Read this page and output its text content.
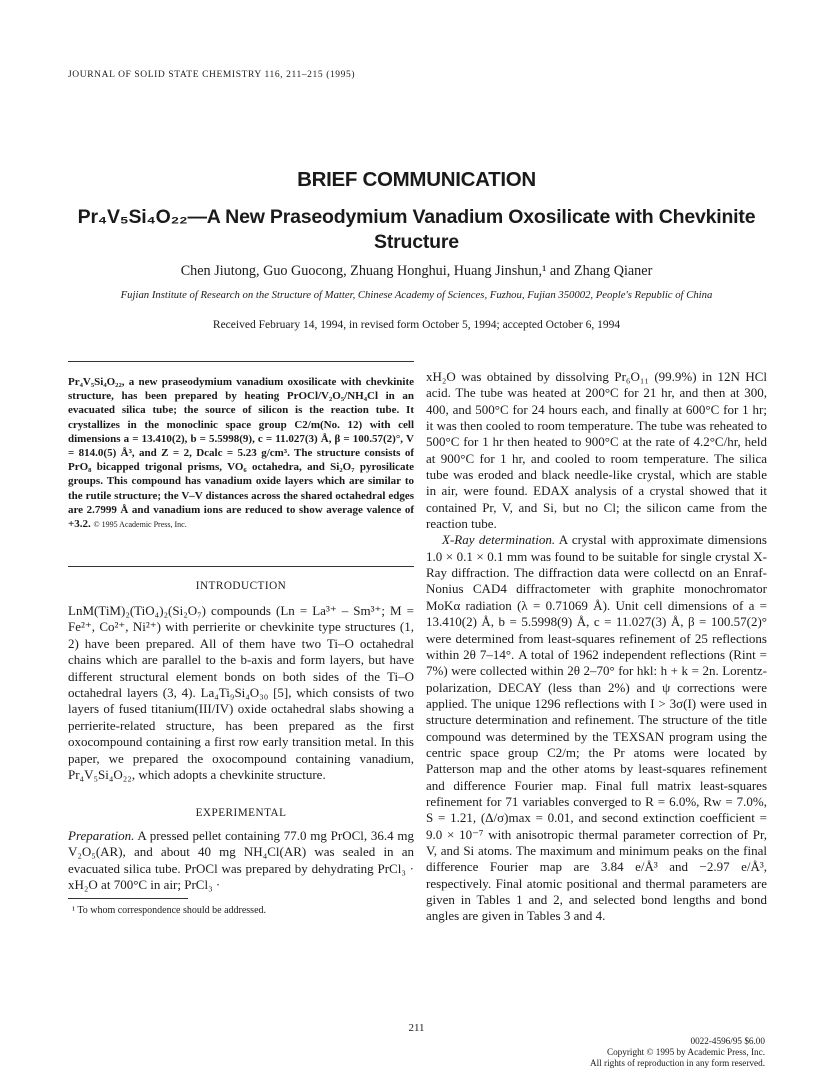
JOURNAL OF SOLID STATE CHEMISTRY 116, 211–215 (1995)
BRIEF COMMUNICATION
Pr₄V₅Si₄O₂₂—A New Praseodymium Vanadium Oxosilicate with Chevkinite Structure
Chen Jiutong, Guo Guocong, Zhuang Honghui, Huang Jinshun,¹ and Zhang Qianer
Fujian Institute of Research on the Structure of Matter, Chinese Academy of Sciences, Fuzhou, Fujian 350002, People's Republic of China
Received February 14, 1994, in revised form October 5, 1994; accepted October 6, 1994
Pr₄V₅Si₄O₂₂, a new praseodymium vanadium oxosilicate with chevkinite structure, has been prepared by heating PrOCl/V₂O₅/NH₄Cl in an evacuated silica tube; the source of silicon is the reaction tube. It crystallizes in the monoclinic space group C2/m(No. 12) with cell dimensions a = 13.410(2), b = 5.5998(9), c = 11.027(3) Å, β = 100.57(2)°, V = 814.0(5) Å³, and Z = 2, Dcalc = 5.23 g/cm³. The structure consists of PrO₈ bicapped trigonal prisms, VO₆ octahedra, and Si₂O₇ pyrosilicate groups. This compound has vanadium oxide layers which are similar to the rutile structure; the V–V distances across the shared octahedral edges are 2.7999 Å and vanadium ions are reduced to show average valence of +3.2. © 1995 Academic Press, Inc.
INTRODUCTION
LnM(TiM)₂(TiO₄)₂(Si₂O₇) compounds (Ln = La³⁺ – Sm³⁺; M = Fe²⁺, Co²⁺, Ni²⁺) with perrierite or chevkinite type structures (1, 2) have been prepared. All of them have two Ti–O octahedral chains which are parallel to the b-axis and form layers, but have different structural element bonds on both sides of the Ti–O octahedral layers (3, 4). La₄Ti₉Si₄O₃₀ [5], which consists of two layers of fused titanium(III/IV) oxide octahedral slabs showing a perrierite-related structure, has been prepared as the first oxocompound containing a first row early transition metal. In this paper, we prepared the oxocompound containing vanadium, Pr₄V₅Si₄O₂₂, which adopts a chevkinite structure.
EXPERIMENTAL
Preparation. A pressed pellet containing 77.0 mg PrOCl, 36.4 mg V₂O₅(AR), and about 40 mg NH₄Cl(AR) was sealed in an evacuated silica tube. PrOCl was prepared by dehydrating PrCl₃ · xH₂O at 700°C in air; PrCl₃ ·
¹ To whom correspondence should be addressed.
xH₂O was obtained by dissolving Pr₆O₁₁ (99.9%) in 12N HCl acid. The tube was heated at 200°C for 21 hr, and then at 300, 400, and 500°C for 24 hours each, and finally at 600°C for 1 hr; it was then cooled to room temperature. The tube was reheated to 500°C for 1 hr then heated to 900°C at the rate of 4.2°C/hr, held at 900°C for 1 hr, and cooled to room temperature. The silica tube was eroded and black needle-like crystal, which are stable in air, were found. EDAX analysis of a crystal showed that it contained Pr, V, and Si, but no Cl; the silicon came from the reaction tube.
X-Ray determination. A crystal with approximate dimensions 1.0 × 0.1 × 0.1 mm was found to be suitable for single crystal X-Ray diffraction. The diffraction data were collectd on an Enraf-Nonius CAD4 diffractometer with graphite monochromator MoKα radiation (λ = 0.71069 Å). Unit cell dimensions of a = 13.410(2) Å, b = 5.5998(9) Å, c = 11.027(3) Å, β = 100.57(2)° were determined from least-squares refinement of 25 reflections within 2θ 7–14°. A total of 1962 independent reflections (Rint = 7%) were collected within 2θ 2–70° for hkl: h + k = 2n. Lorentz-polarization, DECAY (less than 2%) and ψ corrections were applied. The unique 1296 reflections with I > 3σ(I) were used in structure determination and refinement. The structure of the title compound was determined by the TEXSAN program using the centric space group C2/m; the Pr atoms were located by Patterson map and the other atoms by least-squares refinement and difference Fourier map. Final full matrix least-squares refinement for 71 variables converged to R = 6.0%, Rw = 7.0%, S = 1.21, (Δ/σ)max = 0.01, and second extinction coefficient = 9.0 × 10⁻⁷ with anisotropic thermal parameter correction of Pr, V, and Si atoms. The maximum and minimum peaks on the final difference Fourier map are 3.84 e/Å³ and −2.97 e/Å³, respectively. Final atomic positional and thermal parameters are given in Tables 1 and 2, and selected bond lengths and bond angles are given in Tables 3 and 4.
211
0022-4596/95 $6.00
Copyright © 1995 by Academic Press, Inc.
All rights of reproduction in any form reserved.
